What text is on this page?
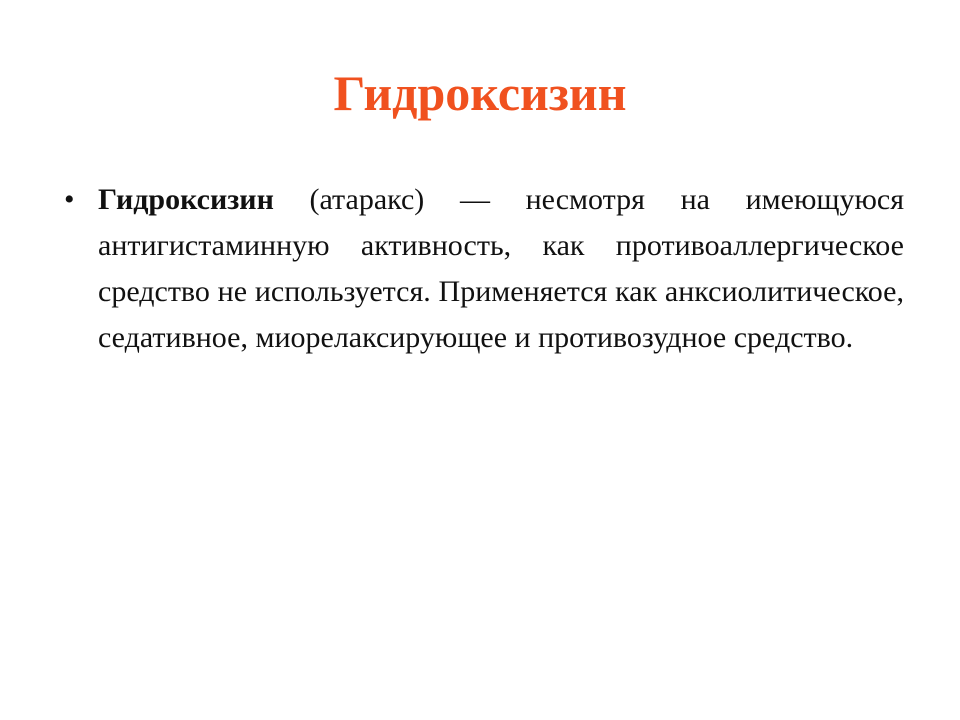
Гидроксизин
• Гидроксизин (атаракс) — несмотря на имеющуюся антигистаминную активность, как противоаллергическое средство не используется. Применяется как анксиолитическое, седативное, миорелаксирующее и противозудное средство.
